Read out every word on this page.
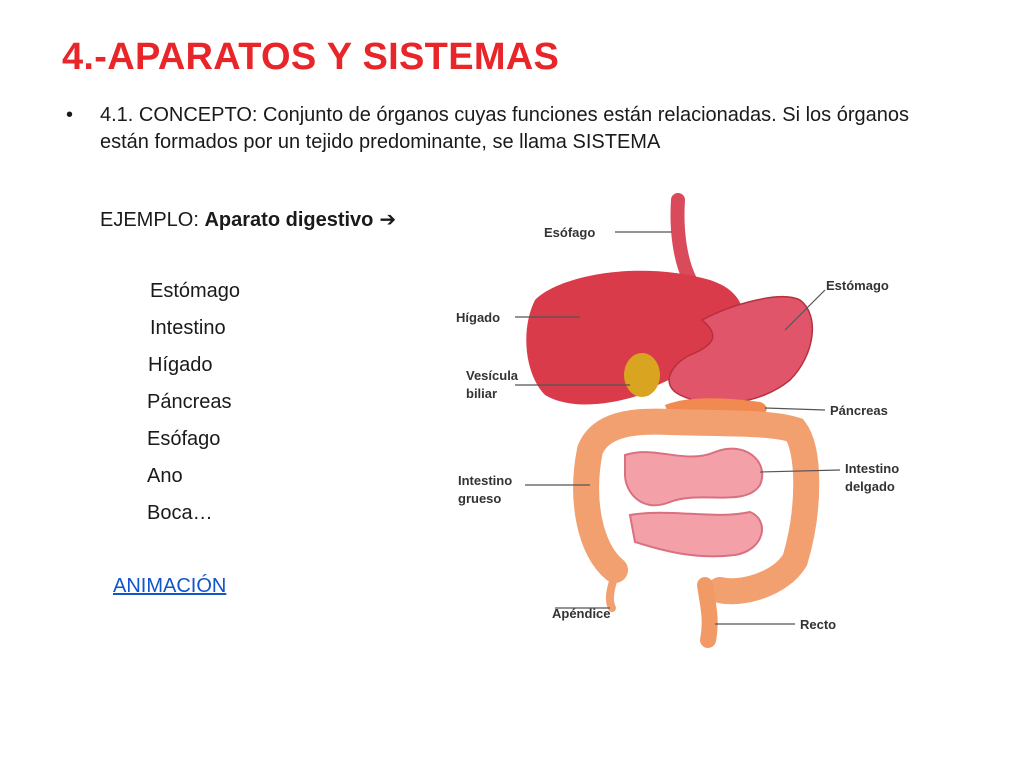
4.-APARATOS Y SISTEMAS
• 4.1. CONCEPTO: Conjunto de órganos cuyas funciones están relacionadas. Si los órganos están formados por un tejido predominante, se llama SISTEMA
EJEMPLO: Aparato digestivo ➔
Estómago
Intestino
Hígado
Páncreas
Esófago
Ano
Boca…
ANIMACIÓN
Esófago
Estómago
Hígado
Vesícula
biliar
Páncreas
Intestino
grueso
Intestino
delgado
Apéndice
Recto
